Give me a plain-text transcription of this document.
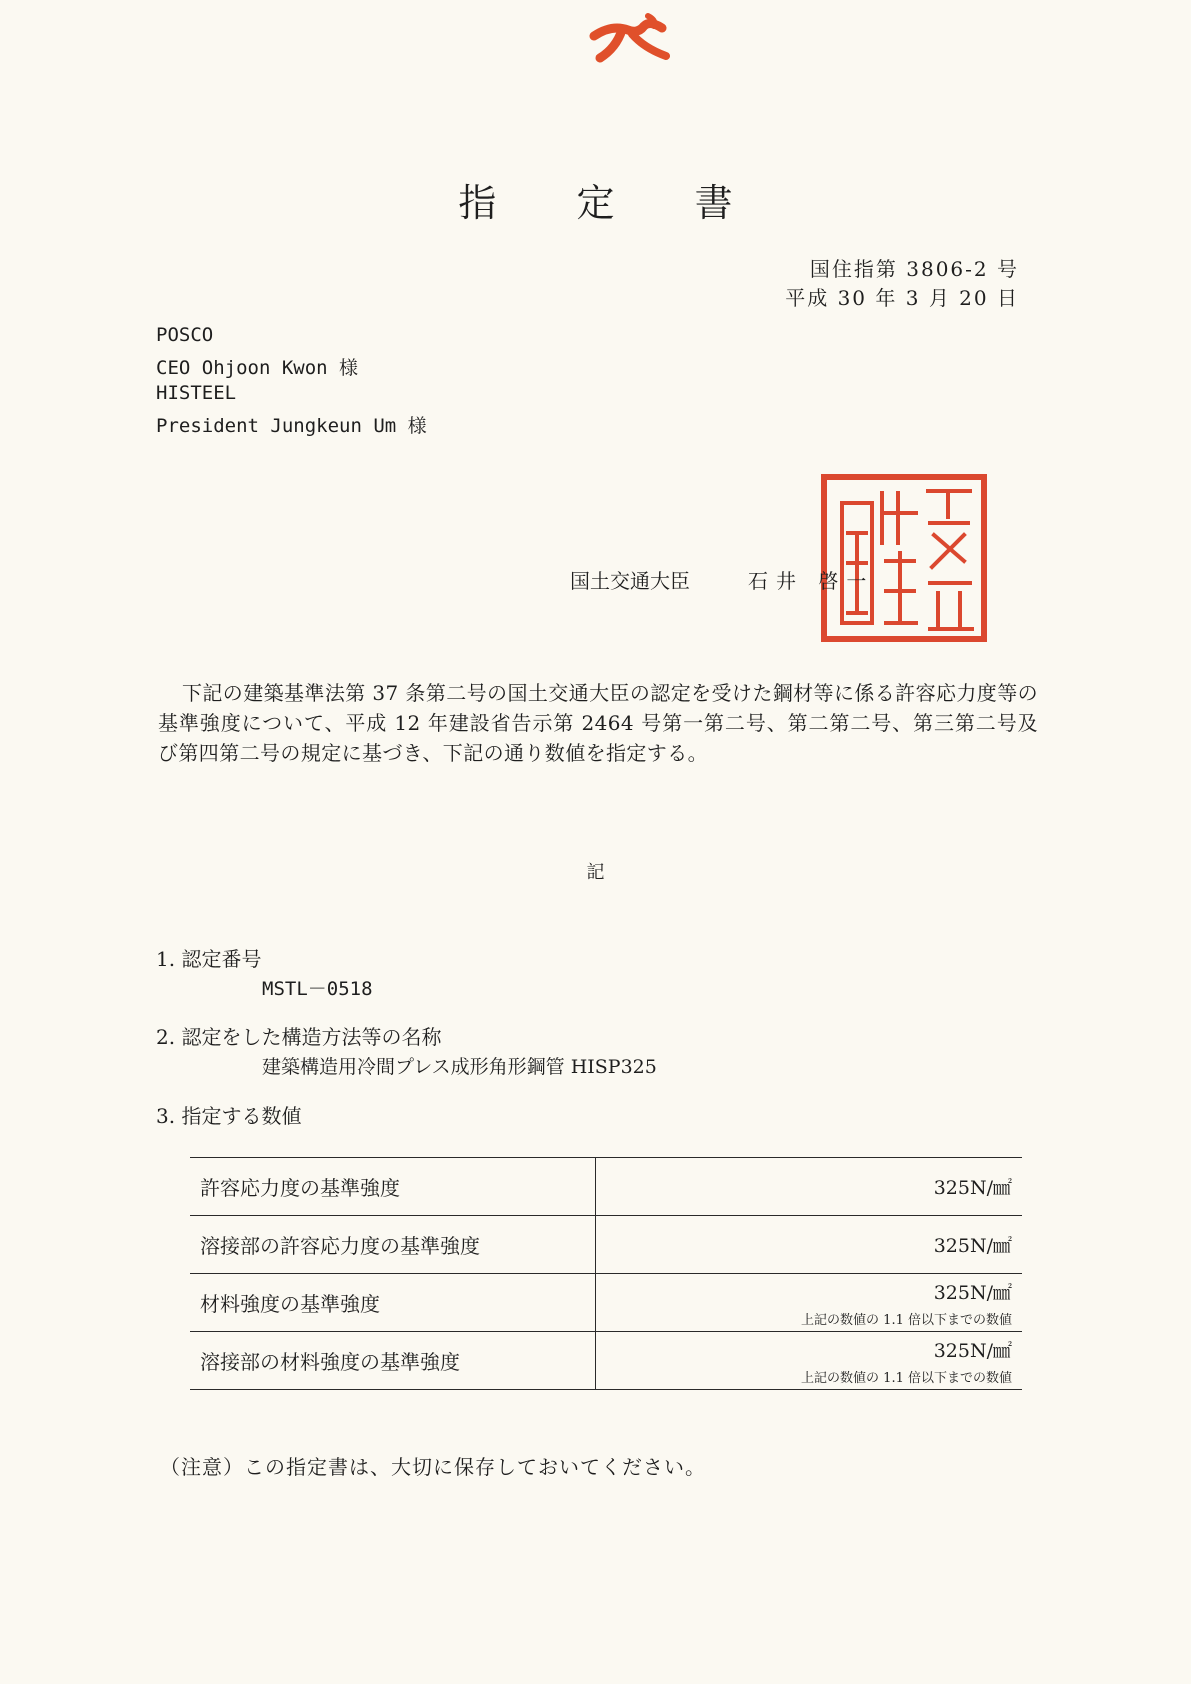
指 定 書
国住指第 3806-2 号
平成 30 年 3 月 20 日
POSCO
CEO Ohjoon Kwon 様
HISTEEL
President Jungkeun Um 様
国土交通大臣	石井 啓一
下記の建築基準法第 37 条第二号の国土交通大臣の認定を受けた鋼材等に係る許容応力度等の基準強度について、平成 12 年建設省告示第 2464 号第一第二号、第二第二号、第三第二号及び第四第二号の規定に基づき、下記の通り数値を指定する。
記
1. 認定番号
MSTL－0518
2. 認定をした構造方法等の名称
建築構造用冷間プレス成形角形鋼管 HISP325
3. 指定する数値
許容応力度の基準強度	325N/㎟

溶接部の許容応力度の基準強度	325N/㎟

材料強度の基準強度	325N/㎟
上記の数値の 1.1 倍以下までの数値

溶接部の材料強度の基準強度	325N/㎟
上記の数値の 1.1 倍以下までの数値
（注意）この指定書は、大切に保存しておいてください。
